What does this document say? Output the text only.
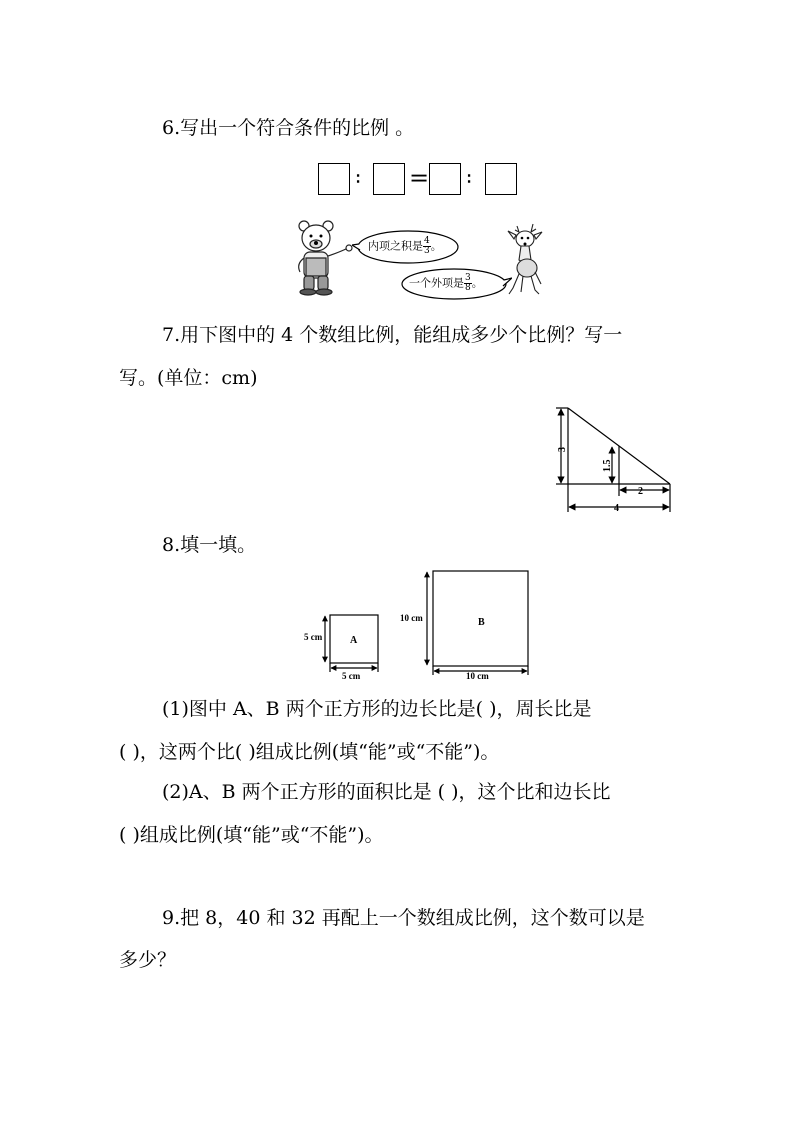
6.写出一个符合条件的比例 。
∶ = ∶
内项之积是 $\frac{4}{3}$ 。
一个外项是 $\frac{3}{8}$ 。
7.用下图中的 4 个数组比例，能组成多少个比例？写一
写。(单位：cm)
3
1.5
2
4
8.填一填。
A
5 cm
5 cm
B
10 cm
10 cm
(1)图中 A、B 两个正方形的边长比是( )，周长比是
( )，这两个比( )组成比例(填“能”或“不能”)。
(2)A、B 两个正方形的面积比是 ( )，这个比和边长比
( )组成比例(填“能”或“不能”)。
9.把 8，40 和 32 再配上一个数组成比例，这个数可以是
多少？
